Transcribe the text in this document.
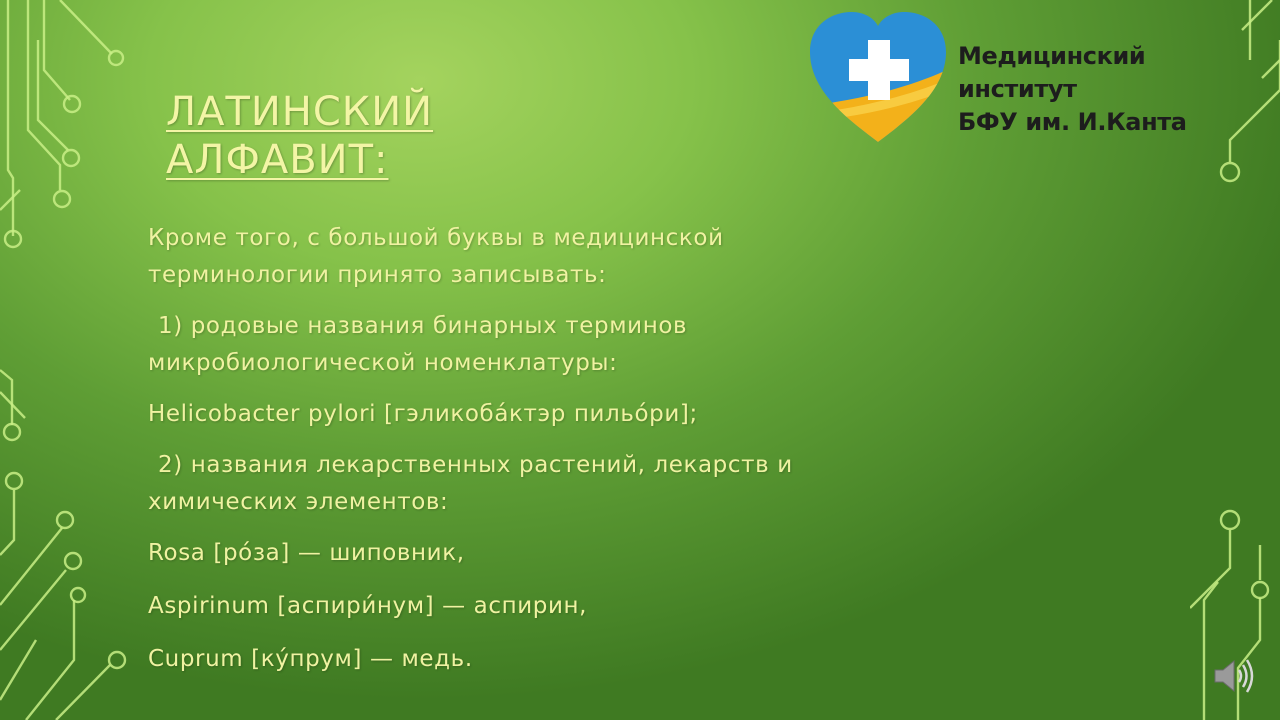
ЛАТИНСКИЙ
АЛФАВИТ:

Кроме того, с большой буквы в медицинской

терминологии принято записывать:

1) родовые названия бинарных терминов

микробиологической номенклатуры:

Helicobacter pylori [гэликоба́ктэр пильо́ри];

2) названия лекарственных растений, лекарств и

химических элементов:

Rosa [ро́за] — шиповник,

Aspirinum [аспири́нум] — аспирин,

Cuprum [ку́прум] — медь.

Медицинский институт
БФУ им. И.Канта
